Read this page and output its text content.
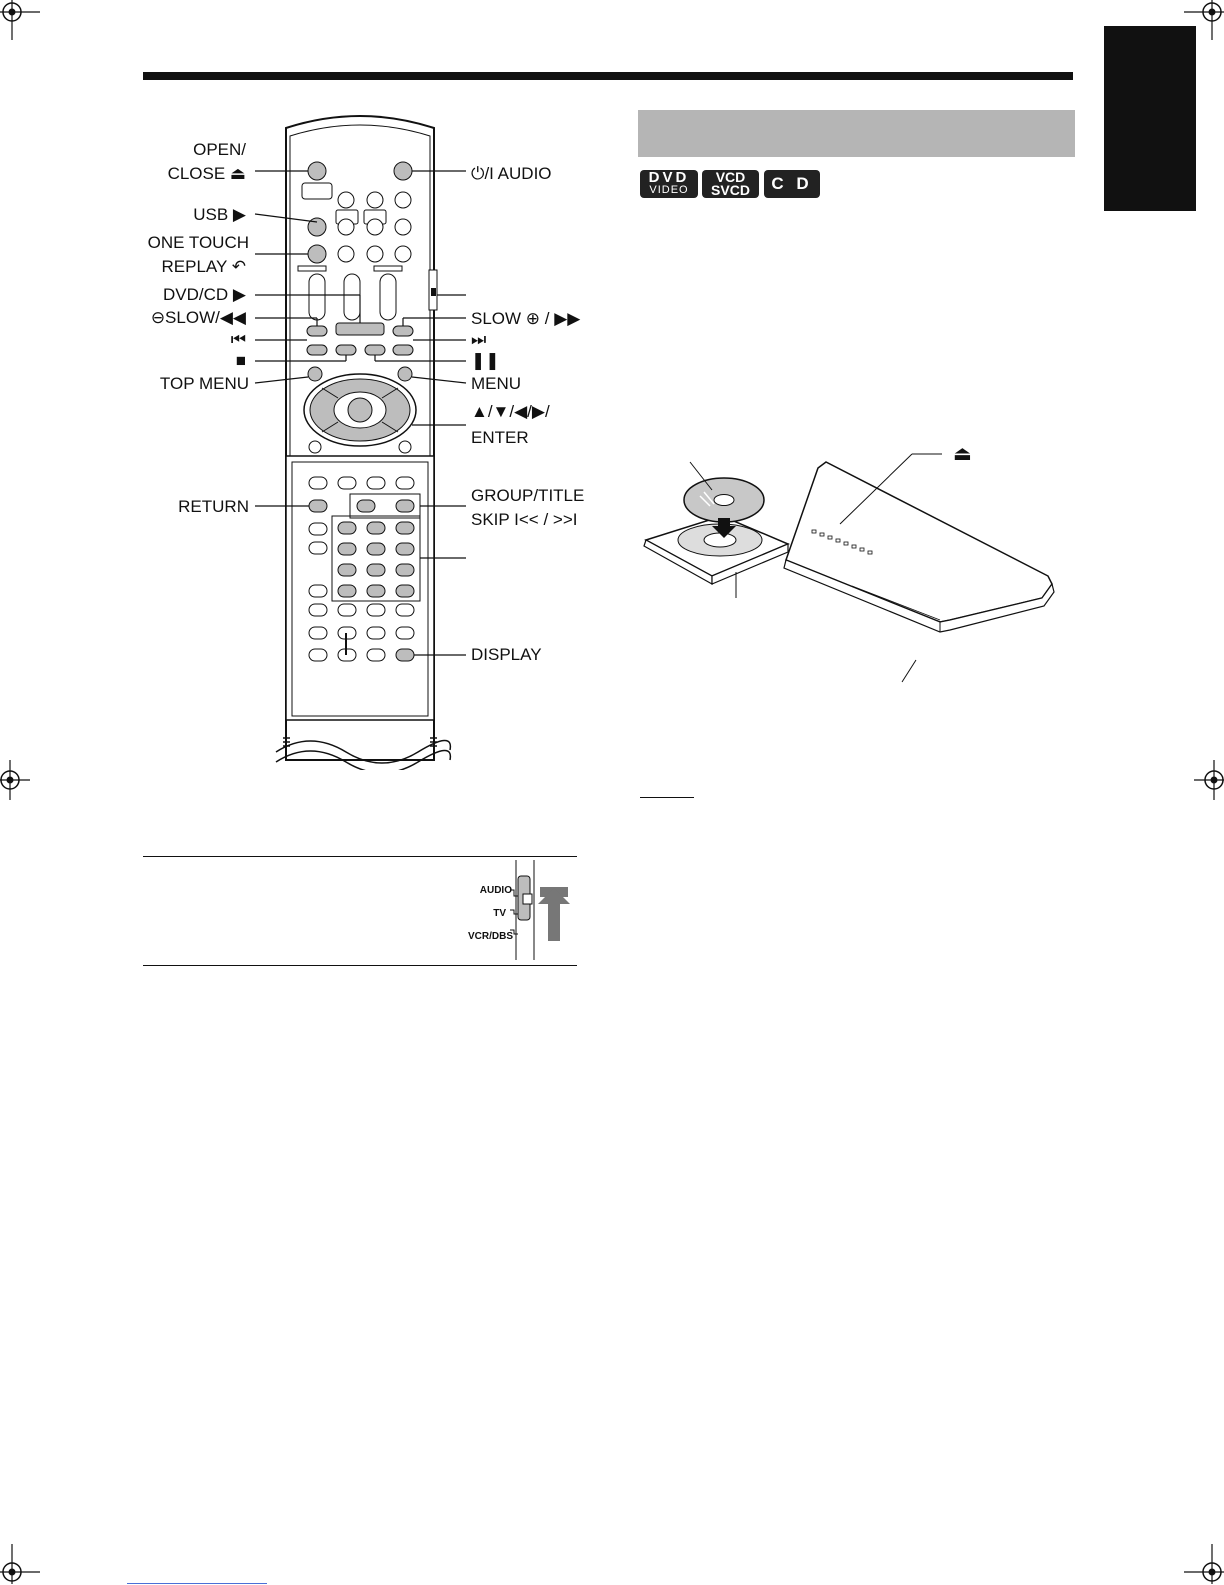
DVD
VIDEO
VCD
SVCD	C D
OPEN/
CLOSE ⏏
USB ▶
ONE TOUCH
REPLAY ↶
DVD/CD ▶
⊖SLOW/◀◀
⏮
■
TOP MENU
RETURN
⏻/I AUDIO
SLOW ⊕ / ▶▶
⏭
❚❚
MENU
▲/▼/◀/▶/
ENTER
GROUP/TITLE
SKIP I<< / >>I
DISPLAY
AUDIO
TV
VCR/DBS
⏏
